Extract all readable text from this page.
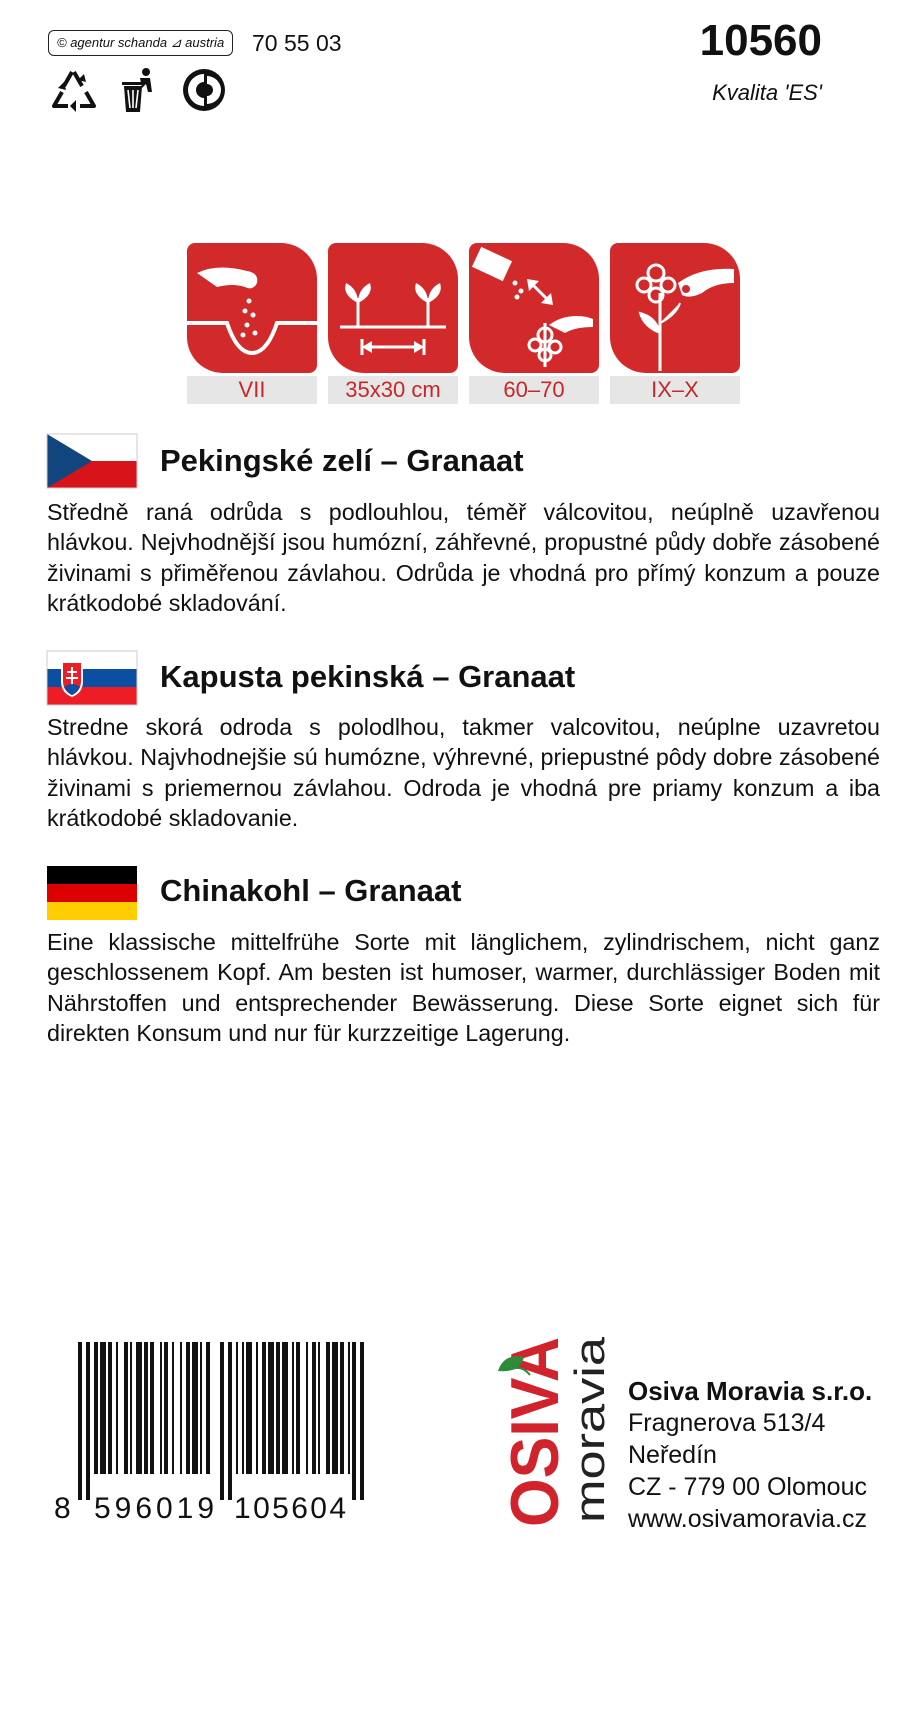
© agentur schanda ⊿ austria	70 55 03	10560
Kvalita 'ES'
VII	35x30 cm	60–70	IX–X
Pekingské zelí – Granaat
Středně raná odrůda s podlouhlou, téměř válcovitou, neúplně uzavřenou hlávkou. Nejvhodnější jsou humózní, záhřevné, propustné půdy dobře zásobené živinami s přiměřenou závlahou. Odrůda je vhodná pro přímý konzum a pouze krátkodobé skladování.
Kapusta pekinská – Granaat
Stredne skorá odroda s polodlhou, takmer valcovitou, neúplne uzavretou hlávkou. Najvhodnejšie sú humózne, výhrevné, priepustné pôdy dobre zásobené živinami s priemernou závlahou. Odroda je vhodná pre priamy konzum a iba krátkodobé skladovanie.
Chinakohl – Granaat
Eine klassische mittelfrühe Sorte mit länglichem, zylindrischem, nicht ganz geschlossenem Kopf. Am besten ist humoser, warmer, durchlässiger Boden mit Nährstoffen und entsprechender Bewässerung. Diese Sorte eignet sich für direkten Konsum und nur für kurzzeitige Lagerung.
8 596019 105604 OSIVA
moravia Osiva Moravia s.r.o.
Fragnerova 513/4
Neředín
CZ - 779 00 Olomouc
www.osivamoravia.cz
